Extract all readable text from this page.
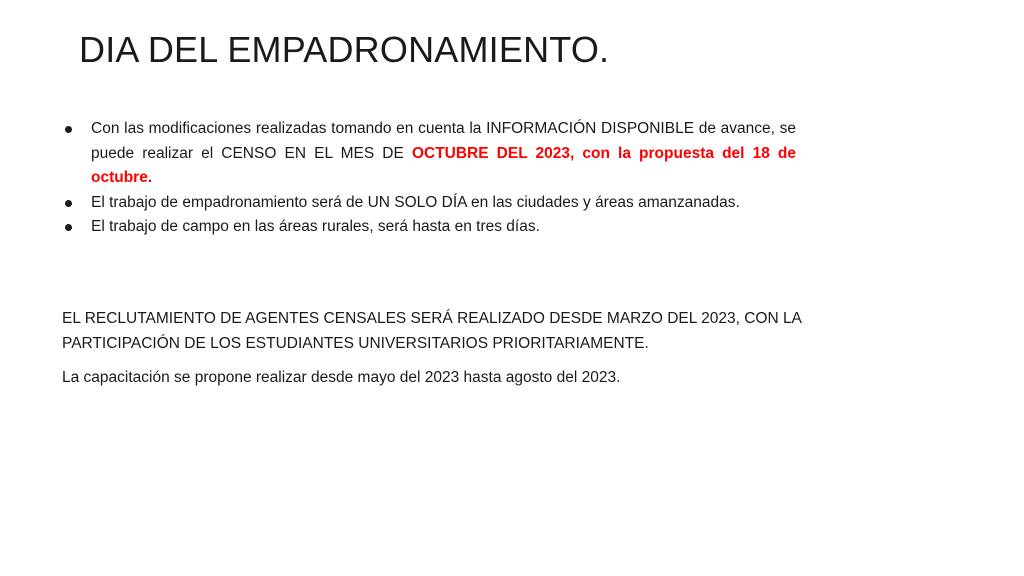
DIA DEL EMPADRONAMIENTO.
Con las modificaciones realizadas tomando en cuenta la INFORMACIÓN DISPONIBLE de avance, se puede realizar el CENSO EN EL MES DE OCTUBRE DEL 2023, con la propuesta del 18 de octubre.
El trabajo de empadronamiento será de UN SOLO DÍA en las ciudades y áreas amanzanadas.
El trabajo de campo en las áreas rurales, será hasta en tres días.

EL RECLUTAMIENTO DE AGENTES CENSALES SERÁ REALIZADO DESDE MARZO DEL 2023, CON LA PARTICIPACIÓN DE LOS ESTUDIANTES UNIVERSITARIOS PRIORITARIAMENTE.

La capacitación se propone realizar desde mayo del 2023 hasta agosto del 2023.
